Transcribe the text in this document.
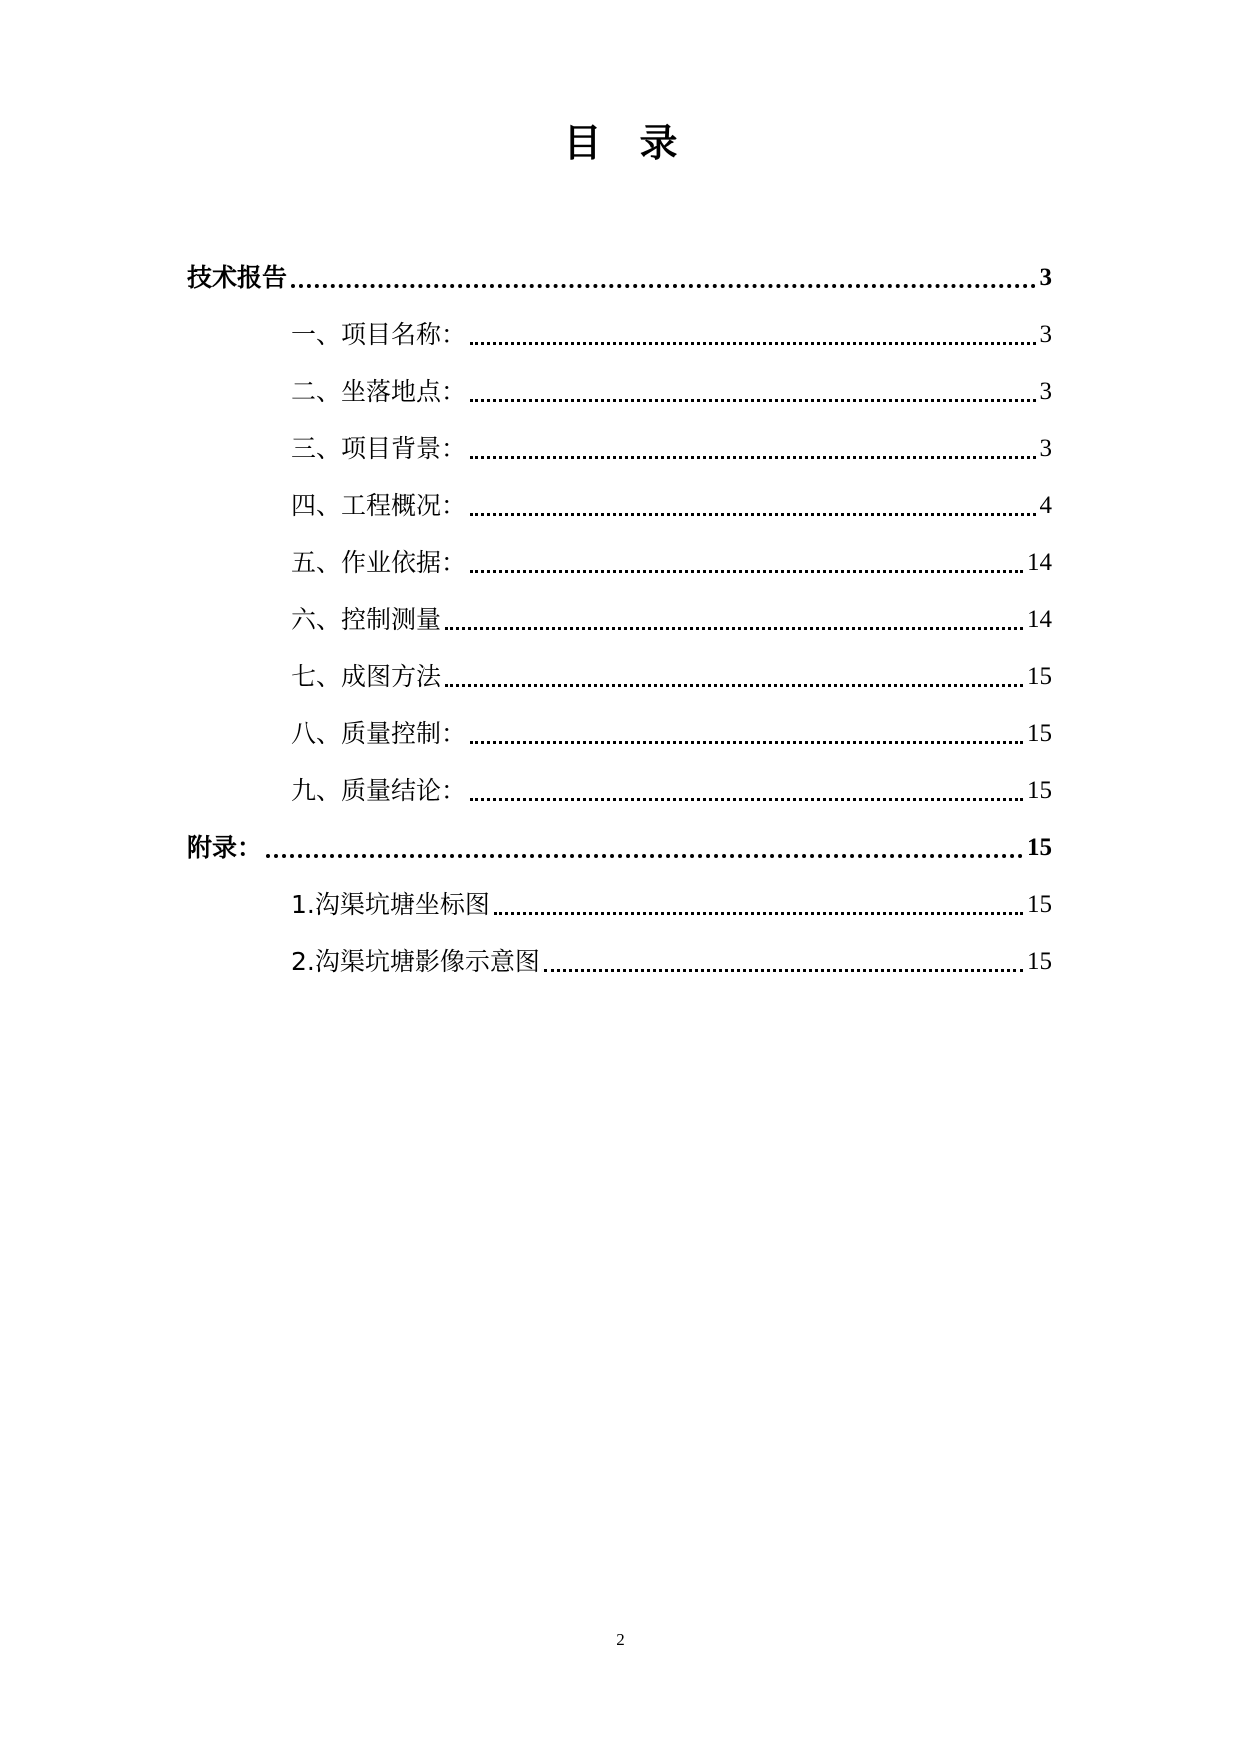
目　录
技术报告	3
一、项目名称：	3
二、坐落地点：	3
三、项目背景：	3
四、工程概况：	4
五、作业依据：	14
六、控制测量	14
七、成图方法	15
八、质量控制：	15
九、质量结论：	15
附录：	15
1.沟渠坑塘坐标图	15
2.沟渠坑塘影像示意图	15
2
